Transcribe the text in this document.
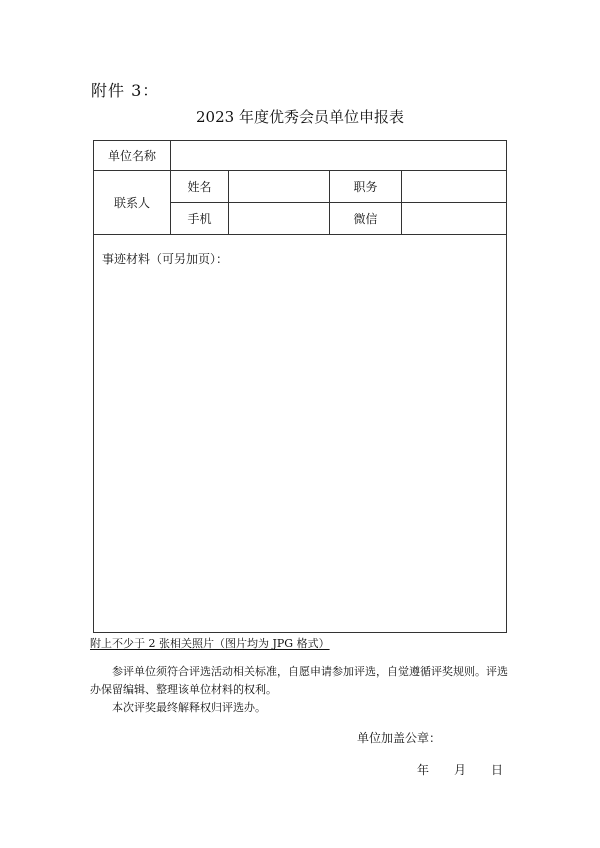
附件 3：
2023 年度优秀会员单位申报表
单位名称				
联系人	姓名		职务	
	手机		微信	
事迹材料（可另加页）：				
附上不少于 2 张相关照片（图片均为 JPG 格式）
参评单位须符合评选活动相关标准，自愿申请参加评选，自觉遵循评奖规则。评选办保留编辑、整理该单位材料的权利。
本次评奖最终解释权归评选办。
单位加盖公章：
年 月 日
